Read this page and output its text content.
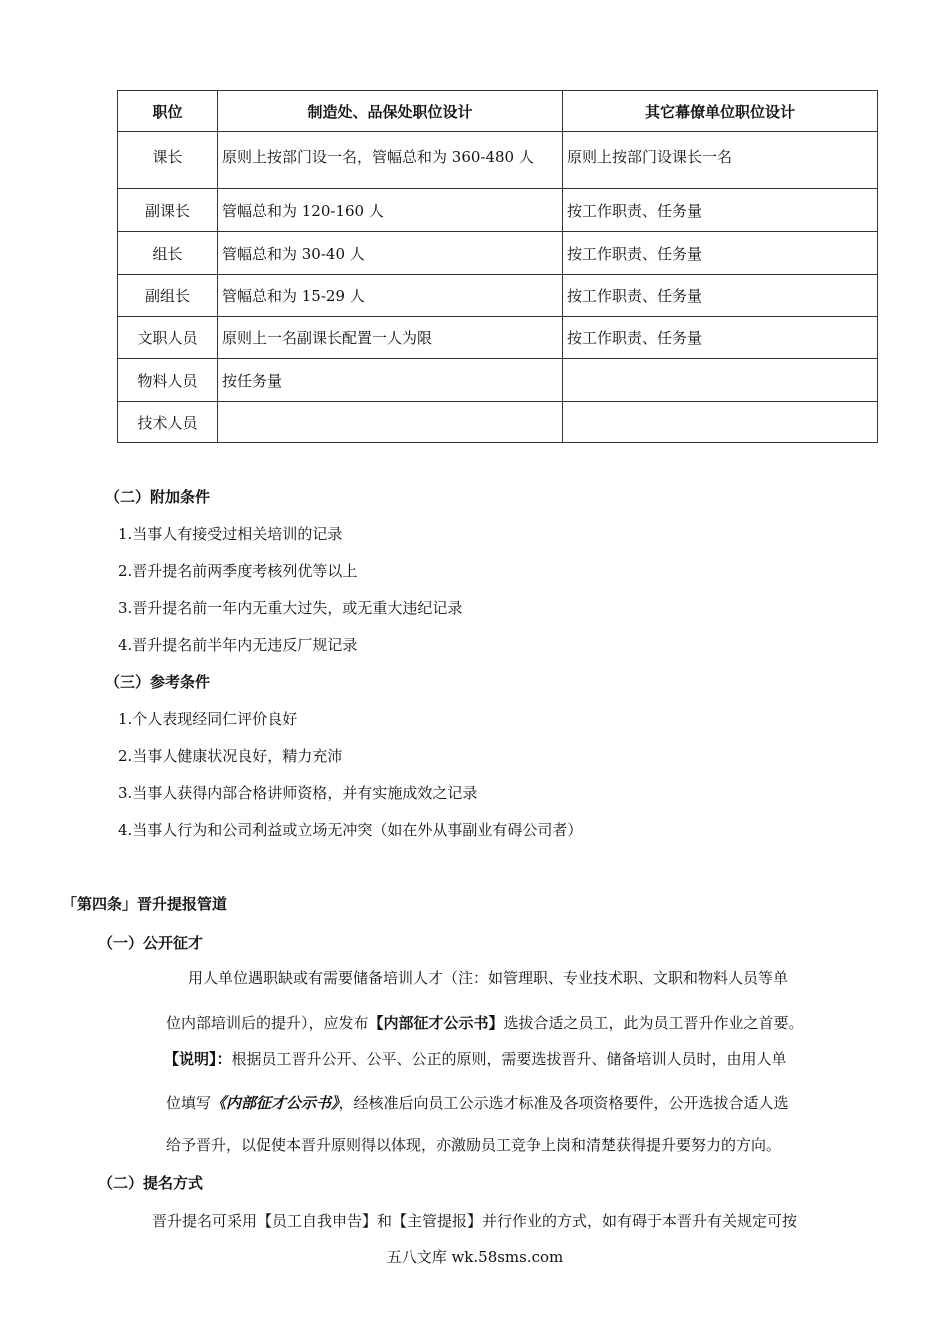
职位	制造处、品保处职位设计	其它幕僚单位职位设计
课长	原则上按部门设一名，管幅总和为 360-480 人	原则上按部门设课长一名
副课长	管幅总和为 120-160 人	按工作职责、任务量
组长	管幅总和为 30-40 人	按工作职责、任务量
副组长	管幅总和为 15-29 人	按工作职责、任务量
文职人员	原则上一名副课长配置一人为限	按工作职责、任务量
物料人员	按任务量	
技术人员		
（二）附加条件
1.当事人有接受过相关培训的记录
2.晋升提名前两季度考核列优等以上
3.晋升提名前一年内无重大过失，或无重大违纪记录
4.晋升提名前半年内无违反厂规记录
（三）参考条件
1.个人表现经同仁评价良好
2.当事人健康状况良好，精力充沛
3.当事人获得内部合格讲师资格，并有实施成效之记录
4.当事人行为和公司利益或立场无冲突（如在外从事副业有碍公司者）
「第四条」晋升提报管道
（一）公开征才
用人单位遇职缺或有需要储备培训人才（注：如管理职、专业技术职、文职和物料人员等单
位内部培训后的提升），应发布【内部征才公示书】选拔合适之员工，此为员工晋升作业之首要。
【说明】：根据员工晋升公开、公平、公正的原则，需要选拔晋升、储备培训人员时，由用人单
位填写《内部征才公示书》，经核准后向员工公示选才标准及各项资格要件，公开选拔合适人选
给予晋升，以促使本晋升原则得以体现，亦激励员工竞争上岗和清楚获得提升要努力的方向。
（二）提名方式
晋升提名可采用【员工自我申告】和【主管提报】并行作业的方式，如有碍于本晋升有关规定可按
五八文库 wk.58sms.com
